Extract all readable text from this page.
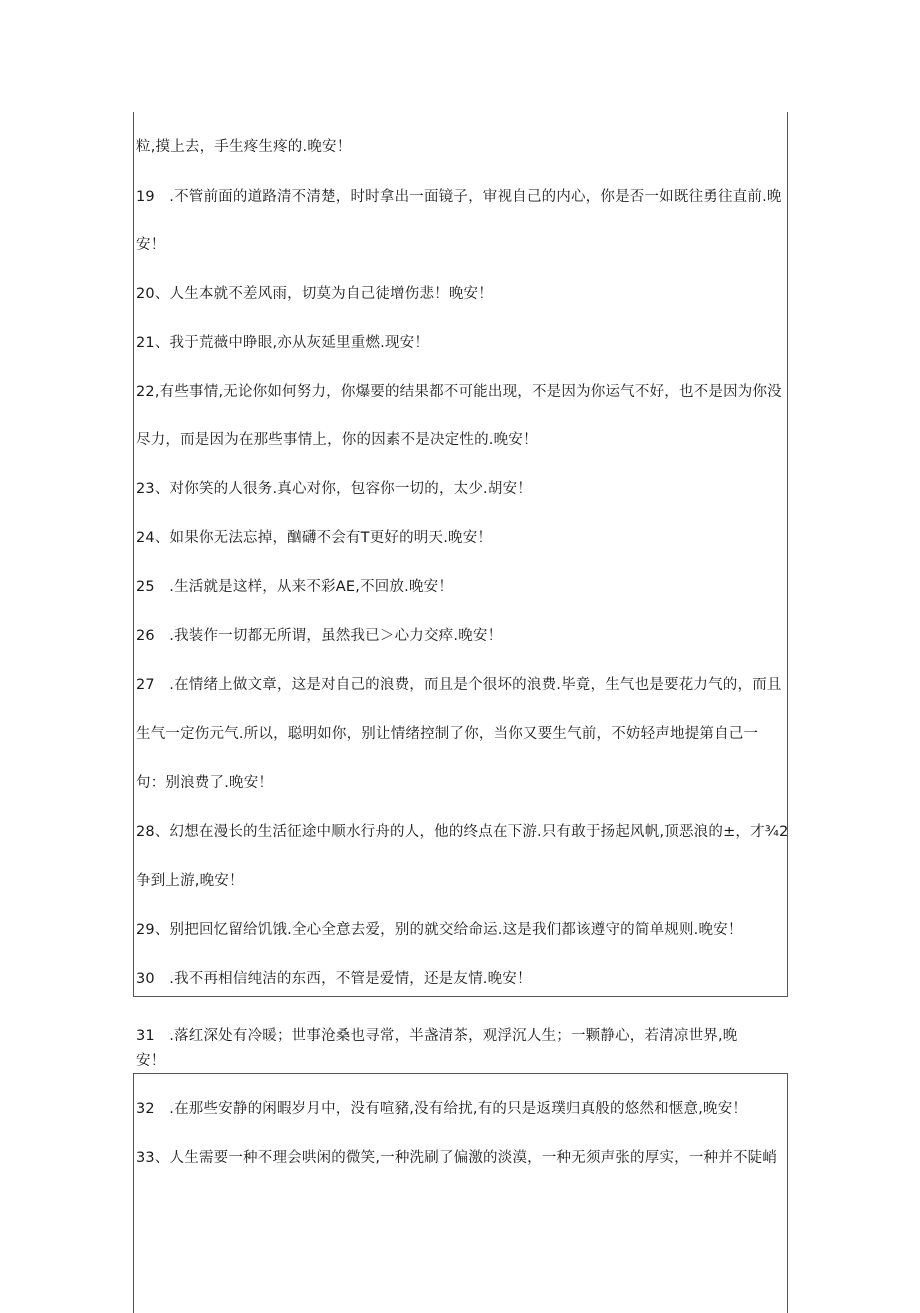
粒,摸上去，手生疼生疼的.晚安！
19   .不管前面的道路清不清楚，时时拿出一面镜子，审视自己的内心，你是否一如既往勇往直前.晚
安！
20、人生本就不差风雨，切莫为自己徒增伤悲！晚安！
21、我于荒薇中睁眼,亦从灰延里重燃.现安！
22,有些事情,无论你如何努力，你爆要的结果都不可能出现，不是因为你运气不好，也不是因为你没
尽力，而是因为在那些事情上，你的因素不是决定性的.晚安！
23、对你笑的人很务.真心对你，包容你一切的，太少.胡安！
24、如果你无法忘掉，酗礴不会有T更好的明天.晚安！
25   .生活就是这样，从来不彩AE,不回放.晚安！
26   .我装作一切都无所谓，虽然我已＞心力交瘁.晚安！
27   .在情绪上做文章，这是对自己的浪费，而且是个很坏的浪费.毕竟，生气也是要花力气的，而且
生气一定伤元气.所以，聪明如你，别让情绪控制了你，当你又要生气前，不妨轻声地提第自己一
句：别浪费了.晚安！
28、幻想在漫长的生活征途中顺水行舟的人，他的终点在下游.只有敢于扬起风帆,顶恶浪的±，才¾2
争到上游,晚安！
29、别把回忆留给饥饿.全心全意去爱，别的就交给命运.这是我们都该遵守的简单规则.晚安！
30   .我不再相信纯洁的东西，不管是爱情，还是友情.晚安！
31   .落红深处有冷暖；世事沧桑也寻常，半盏清茶，观浮沉人生；一颗静心，若清凉世界,晚
安！
32   .在那些安静的闲暇岁月中，没有喧豬,没有给扰,有的只是返璞归真般的悠然和惬意,晚安！
33、人生需要一种不理会哄闲的微笑,一种洗刷了偏激的淡漠，一种无须声张的厚实，一种并不陡峭
